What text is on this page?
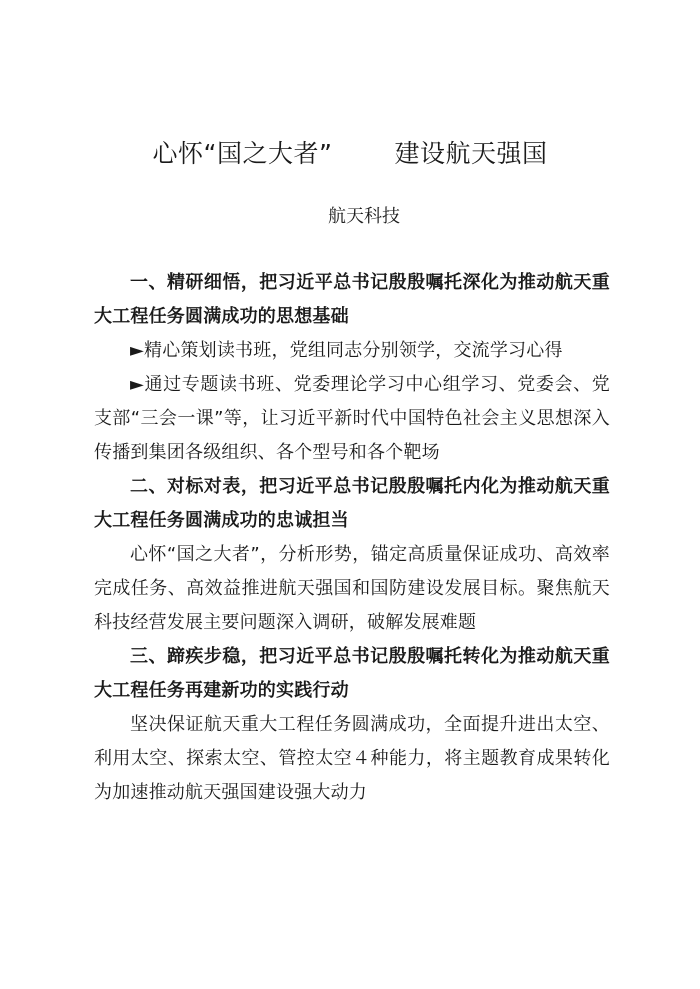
心怀“国之大者” 建设航天强国
航天科技

一、精研细悟，把习近平总书记殷殷嘱托深化为推动航天重大工程任务圆满成功的思想基础

►精心策划读书班，党组同志分别领学，交流学习心得

►通过专题读书班、党委理论学习中心组学习、党委会、党支部“三会一课”等，让习近平新时代中国特色社会主义思想深入传播到集团各级组织、各个型号和各个靶场

二、对标对表，把习近平总书记殷殷嘱托内化为推动航天重大工程任务圆满成功的忠诚担当

心怀“国之大者”，分析形势，锚定高质量保证成功、高效率完成任务、高效益推进航天强国和国防建设发展目标。聚焦航天科技经营发展主要问题深入调研，破解发展难题

三、蹄疾步稳，把习近平总书记殷殷嘱托转化为推动航天重大工程任务再建新功的实践行动

坚决保证航天重大工程任务圆满成功，全面提升进出太空、利用太空、探索太空、管控太空４种能力，将主题教育成果转化为加速推动航天强国建设强大动力
